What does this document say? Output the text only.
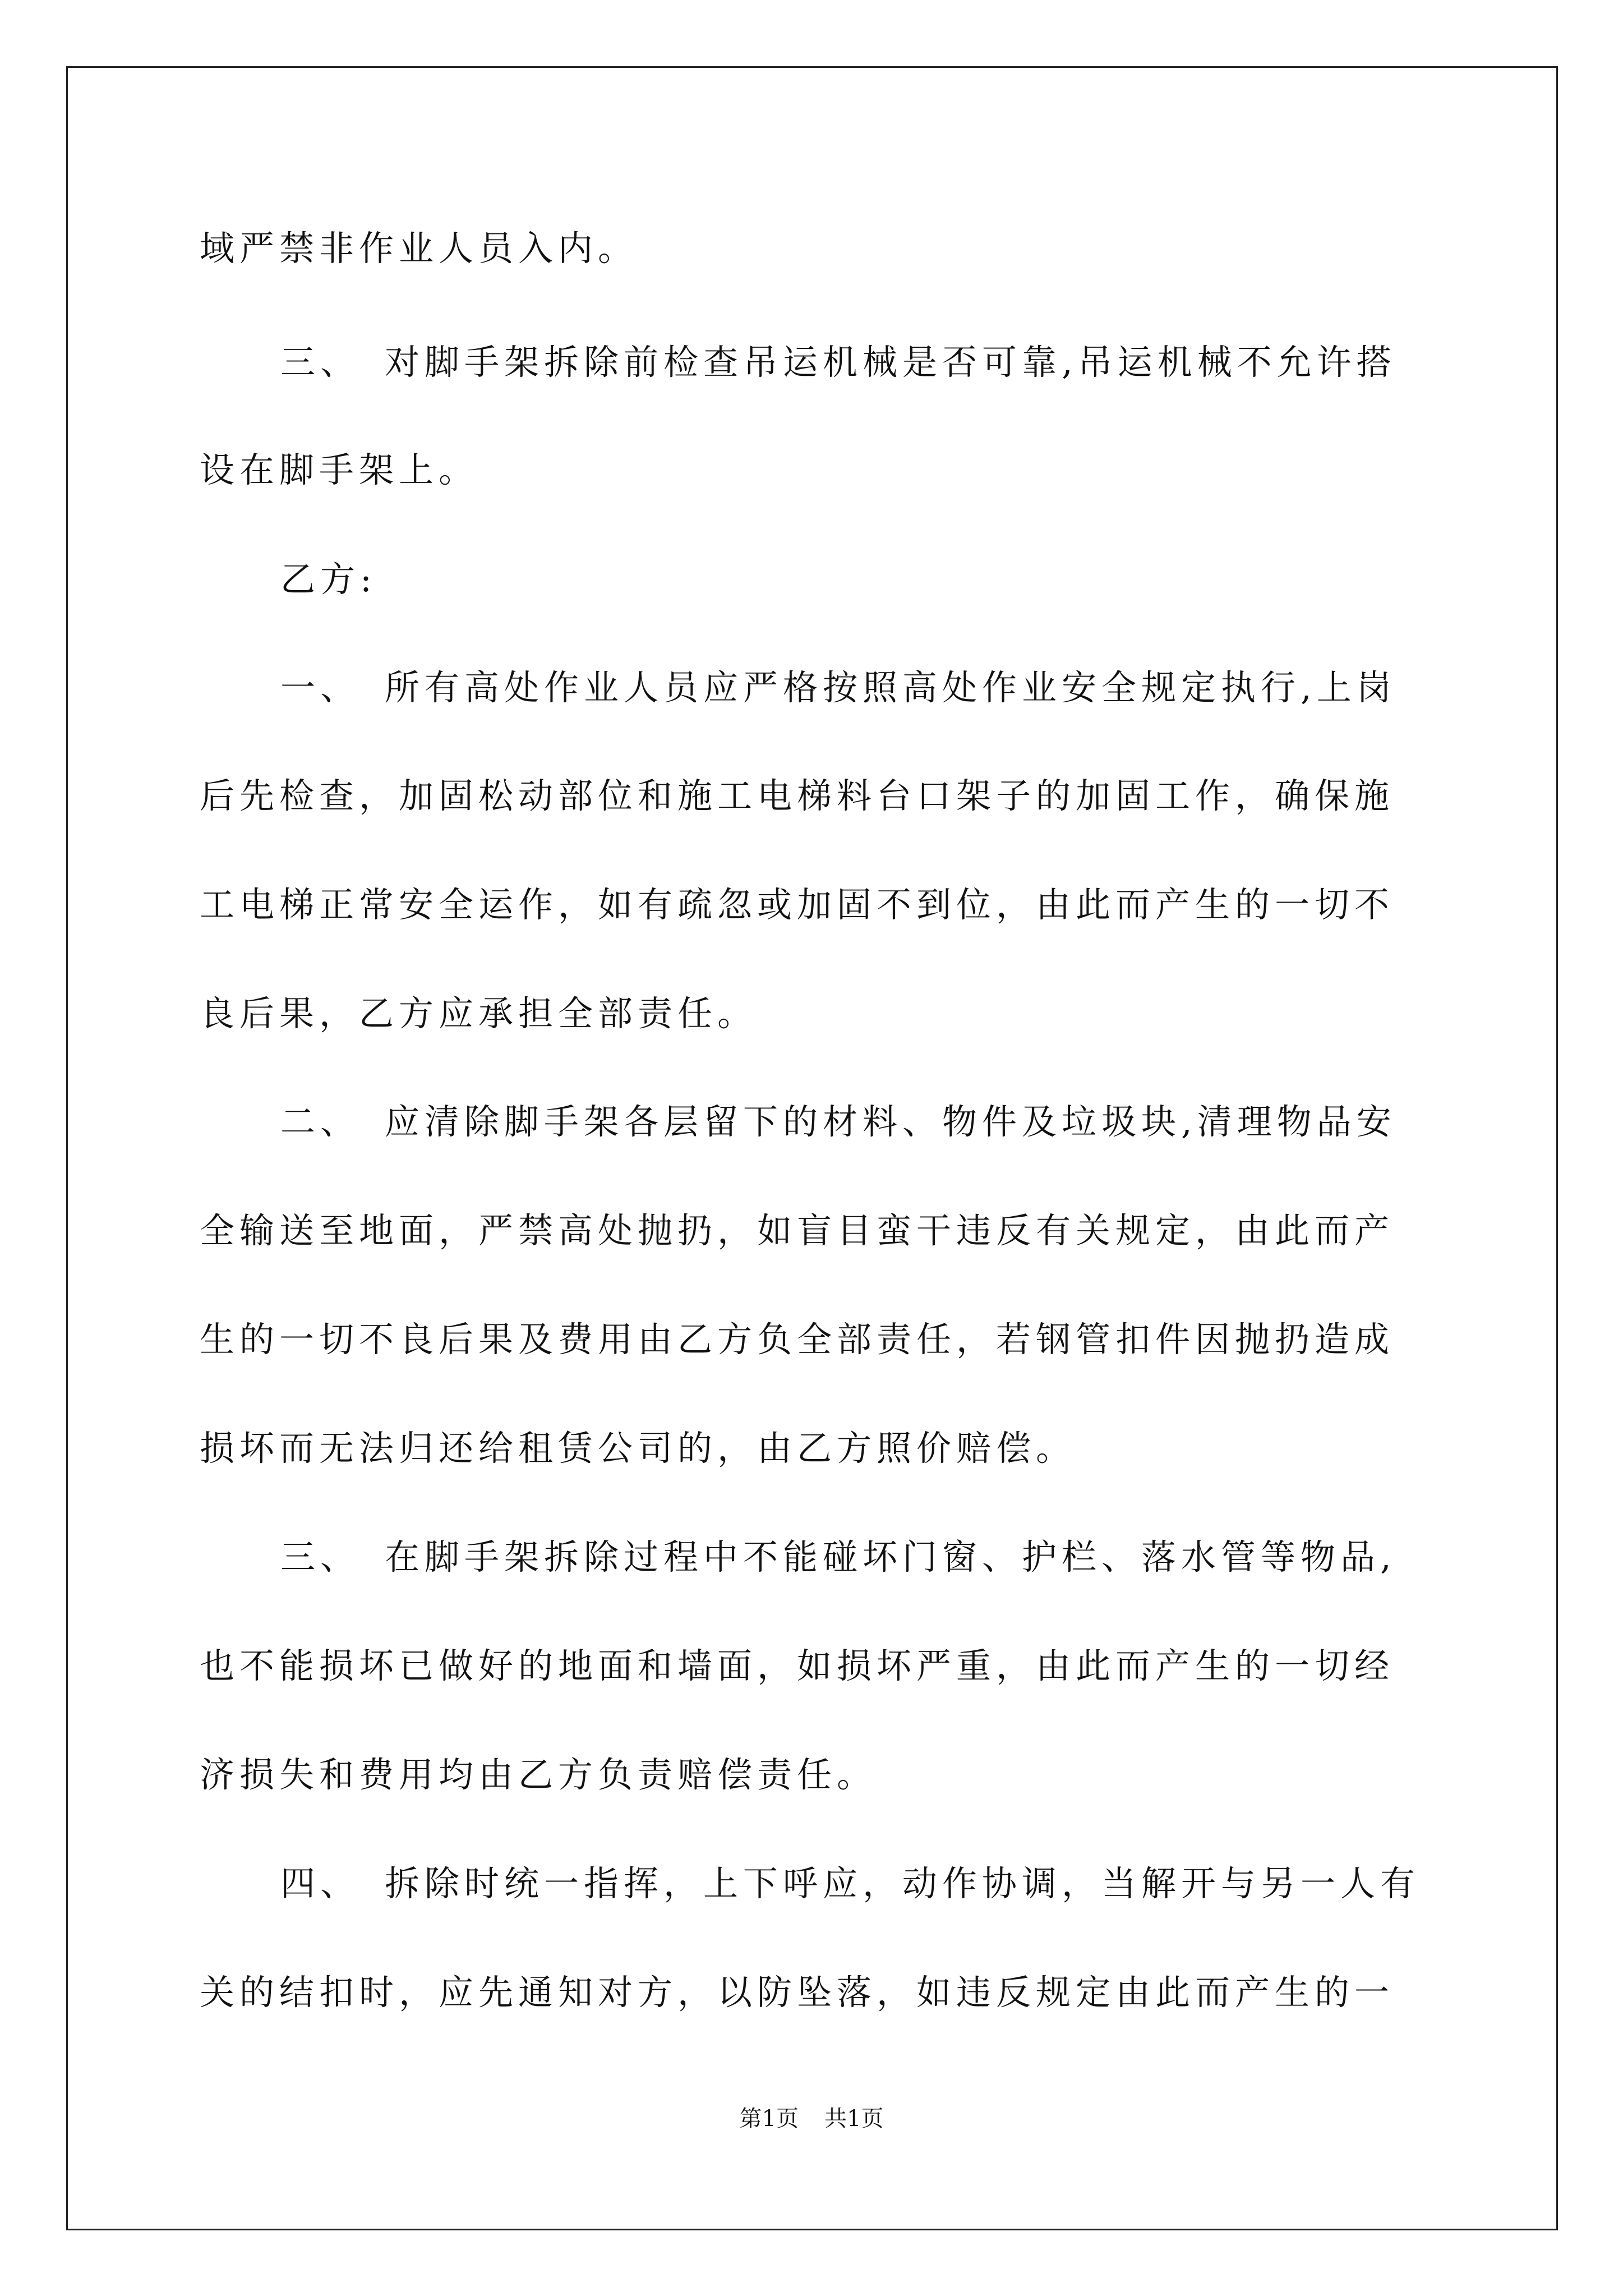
域严禁非作业人员入内。
三、 对脚手架拆除前检查吊运机械是否可靠,吊运机械不允许搭
设在脚手架上。
乙方:
一、 所有高处作业人员应严格按照高处作业安全规定执行,上岗
后先检查，加固松动部位和施工电梯料台口架子的加固工作，确保施
工电梯正常安全运作，如有疏忽或加固不到位，由此而产生的一切不
良后果，乙方应承担全部责任。
二、 应清除脚手架各层留下的材料、物件及垃圾块,清理物品安
全输送至地面，严禁高处抛扔，如盲目蛮干违反有关规定，由此而产
生的一切不良后果及费用由乙方负全部责任，若钢管扣件因抛扔造成
损坏而无法归还给租赁公司的，由乙方照价赔偿。
三、 在脚手架拆除过程中不能碰坏门窗、护栏、落水管等物品,
也不能损坏已做好的地面和墙面，如损坏严重，由此而产生的一切经
济损失和费用均由乙方负责赔偿责任。
四、 拆除时统一指挥，上下呼应，动作协调，当解开与另一人有
关的结扣时，应先通知对方，以防坠落，如违反规定由此而产生的一
第1页 共1页
